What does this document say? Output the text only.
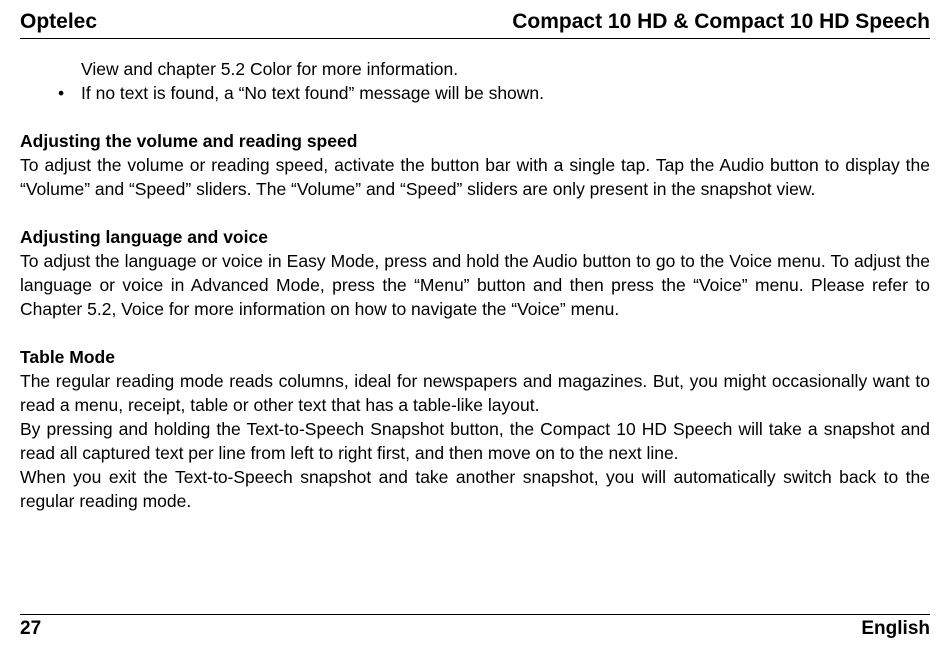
Optelec	Compact 10 HD & Compact 10 HD Speech

View and chapter 5.2 Color for more information.

• If no text is found, a “No text found” message will be shown.

Adjusting the volume and reading speed

To adjust the volume or reading speed, activate the button bar with a single tap. Tap the Audio button to display the “Volume” and “Speed” sliders. The “Volume” and “Speed” sliders are only present in the snapshot view.

Adjusting language and voice

To adjust the language or voice in Easy Mode, press and hold the Audio button to go to the Voice menu. To adjust the language or voice in Advanced Mode, press the “Menu” button and then press the “Voice” menu. Please refer to Chapter 5.2, Voice for more information on how to navigate the “Voice” menu.

Table Mode

The regular reading mode reads columns, ideal for newspapers and magazines. But, you might occasionally want to read a menu, receipt, table or other text that has a table-like layout.

By pressing and holding the Text-to-Speech Snapshot button, the Compact 10 HD Speech will take a snapshot and read all captured text per line from left to right first, and then move on to the next line.

When you exit the Text-to-Speech snapshot and take another snapshot, you will automatically switch back to the regular reading mode.

27	English
